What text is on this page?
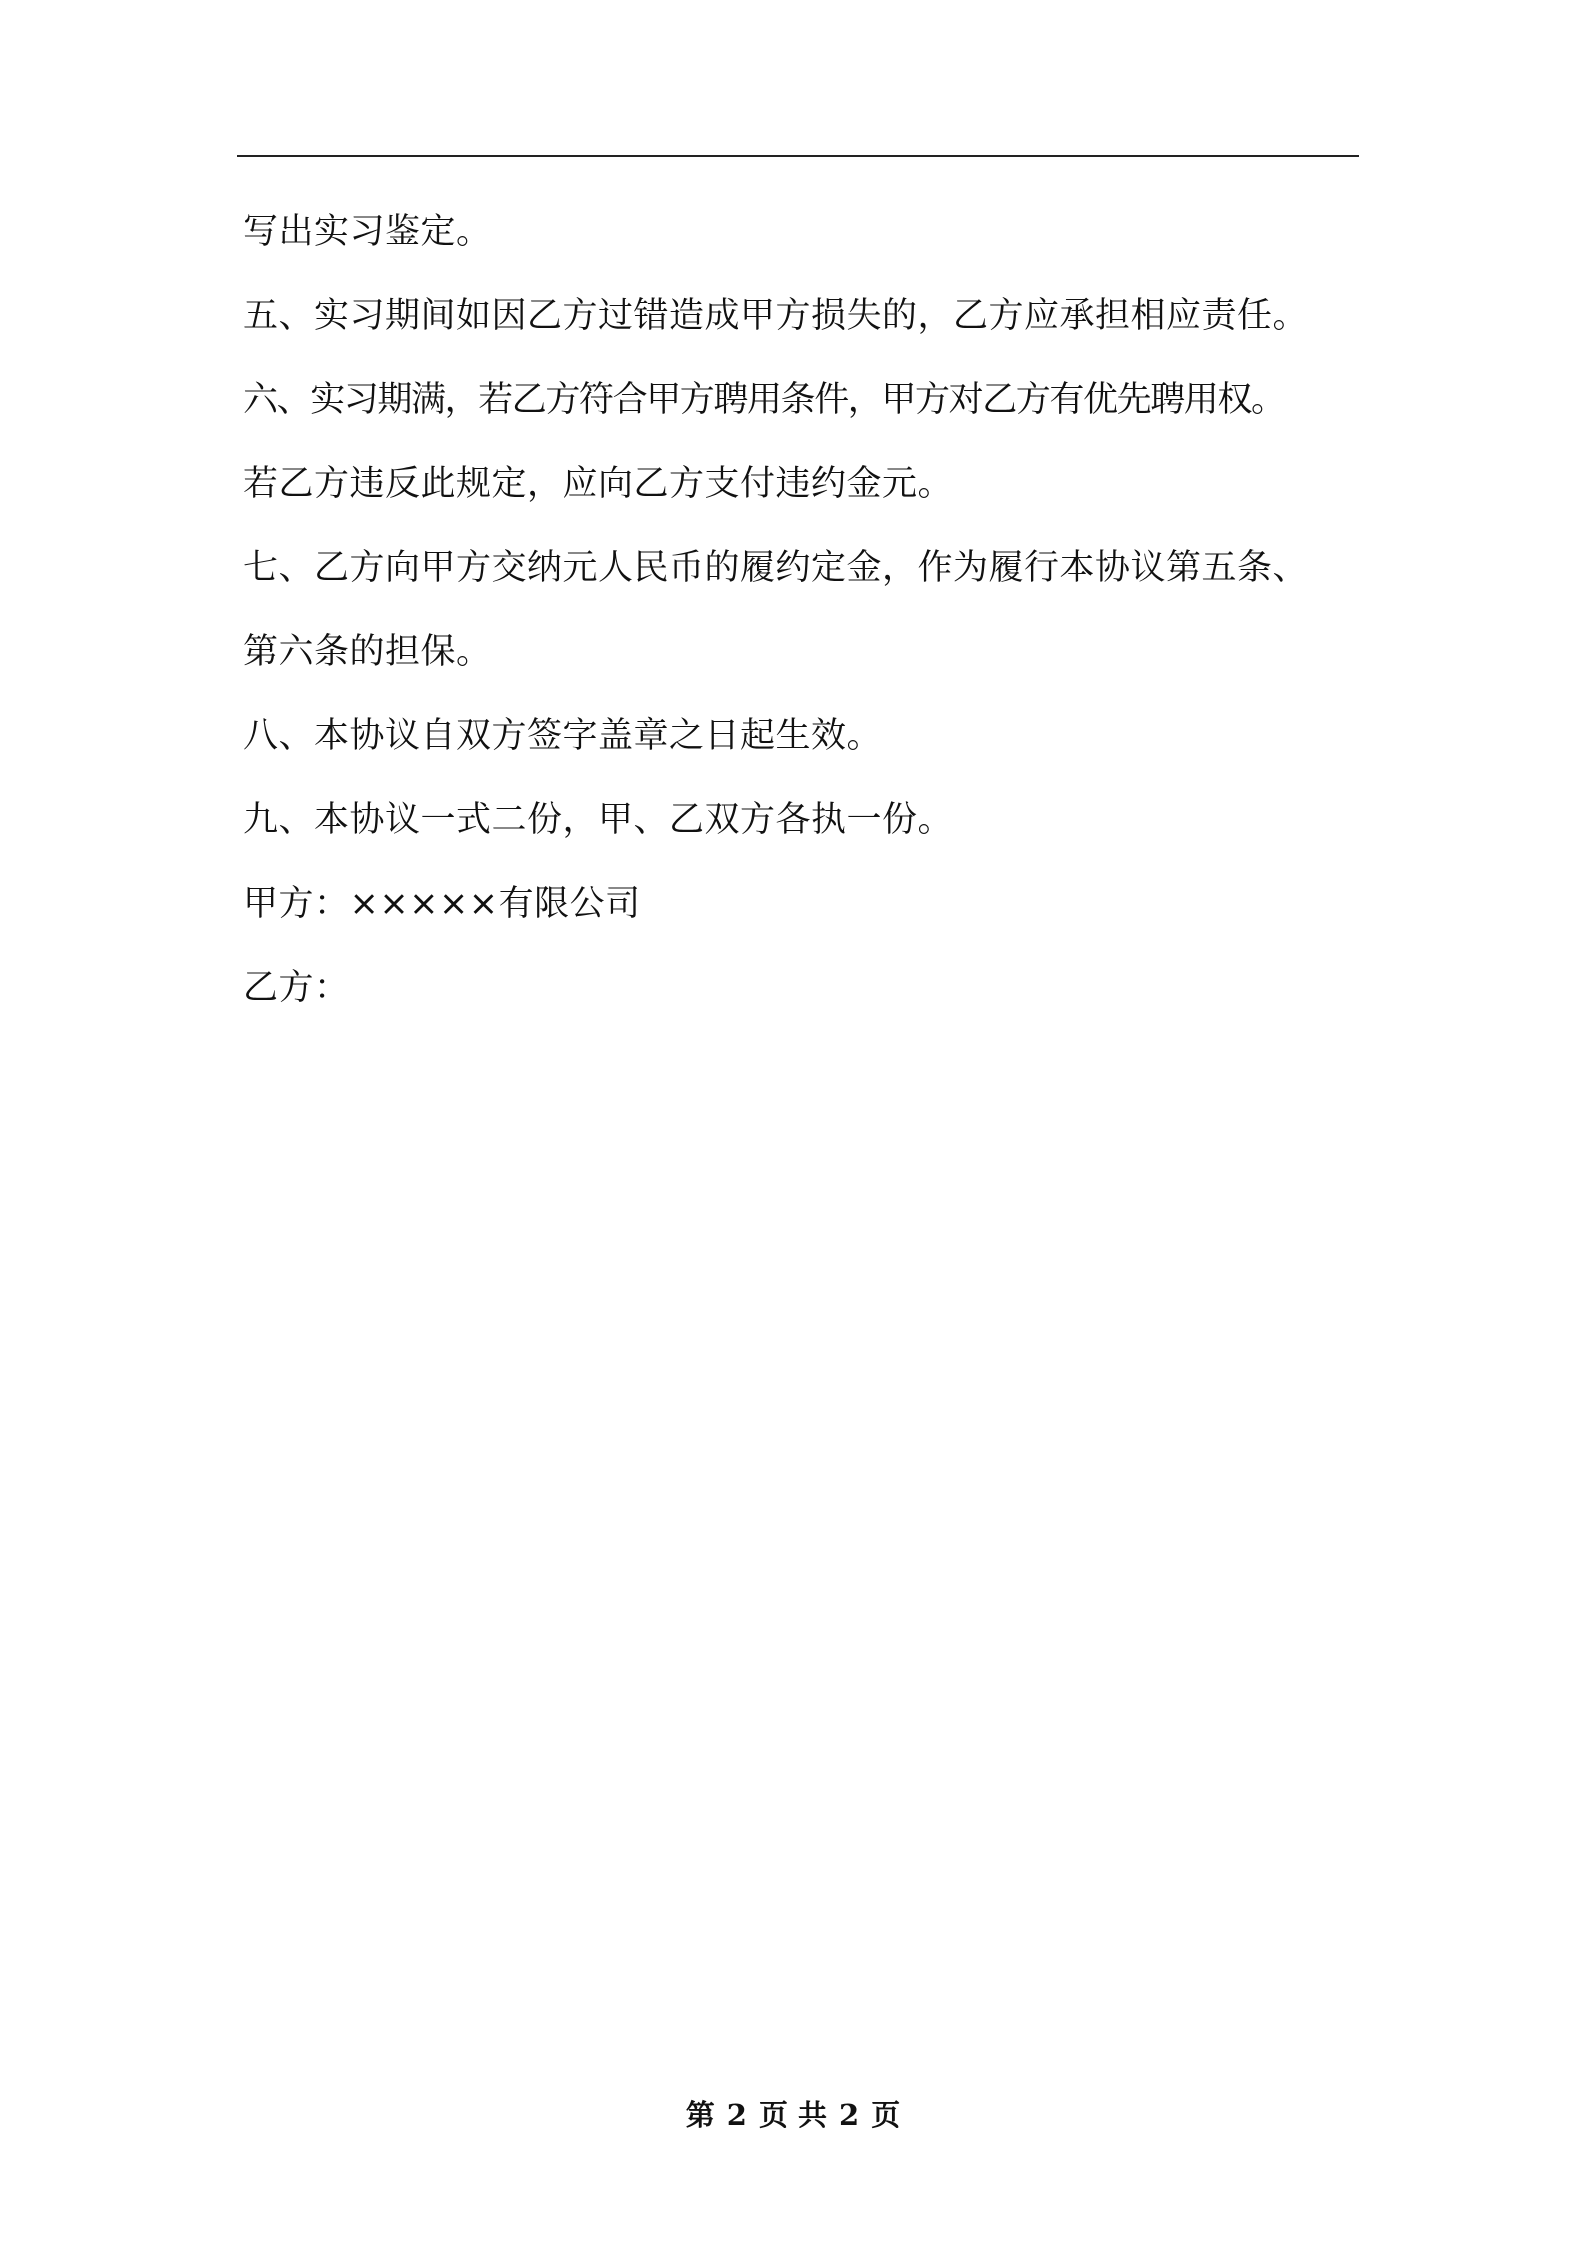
写出实习鉴定。

五、实习期间如因乙方过错造成甲方损失的，乙方应承担相应责任。

六、实习期满，若乙方符合甲方聘用条件，甲方对乙方有优先聘用权。

若乙方违反此规定，应向乙方支付违约金元。

七、乙方向甲方交纳元人民币的履约定金，作为履行本协议第五条、

第六条的担保。

八、本协议自双方签字盖章之日起生效。

九、本协议一式二份，甲、乙双方各执一份。

甲方：×××××有限公司

乙方：

第 2 页 共 2 页
